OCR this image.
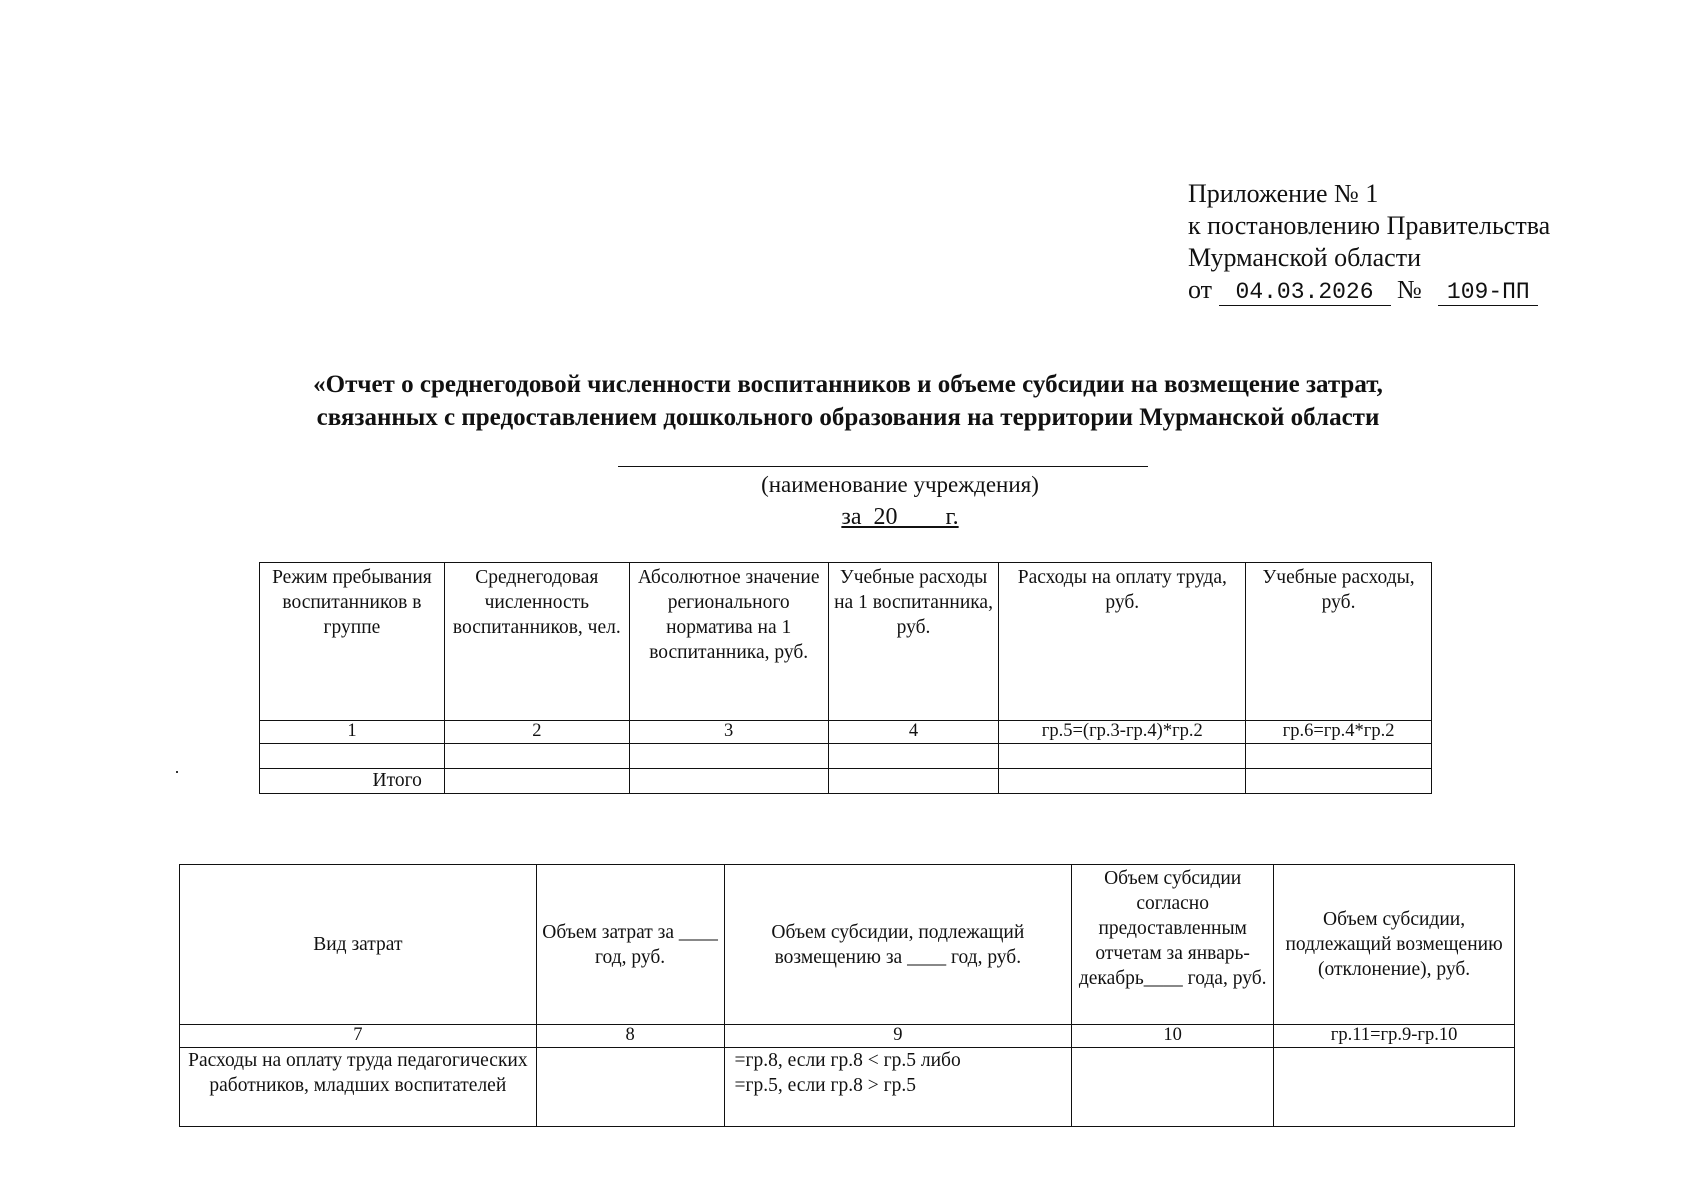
Приложение № 1
к постановлению Правительства
Мурманской области
от 04.03.2026 № 109-ПП
«Отчет о среднегодовой численности воспитанников и объеме субсидии на возмещение затрат,
связанных с предоставлением дошкольного образования на территории Мурманской области
(наименование учреждения)
за  20        г.
Режим пребывания воспитанников в группе	Среднегодовая численность воспитанников, чел.	Абсолютное значение регионального норматива на 1 воспитанника, руб.	Учебные расходы на 1 воспитанника, руб.	Расходы на оплату труда, руб.	Учебные расходы, руб.
1	2	3	4	гр.5=(гр.3-гр.4)*гр.2	гр.6=гр.4*гр.2

Итого					
Вид затрат	Объем затрат за ____ год, руб.	Объем субсидии, подлежащий возмещению за ____ год, руб.	Объем субсидии согласно предоставленным отчетам за январь-декабрь____ года, руб.	Объем субсидии, подлежащий возмещению (отклонение), руб.
7	8	9	10	гр.11=гр.9-гр.10
Расходы на оплату труда педагогических работников, младших воспитателей		=гр.8, если гр.8 < гр.5 либо
=гр.5, если гр.8 > гр.5		
